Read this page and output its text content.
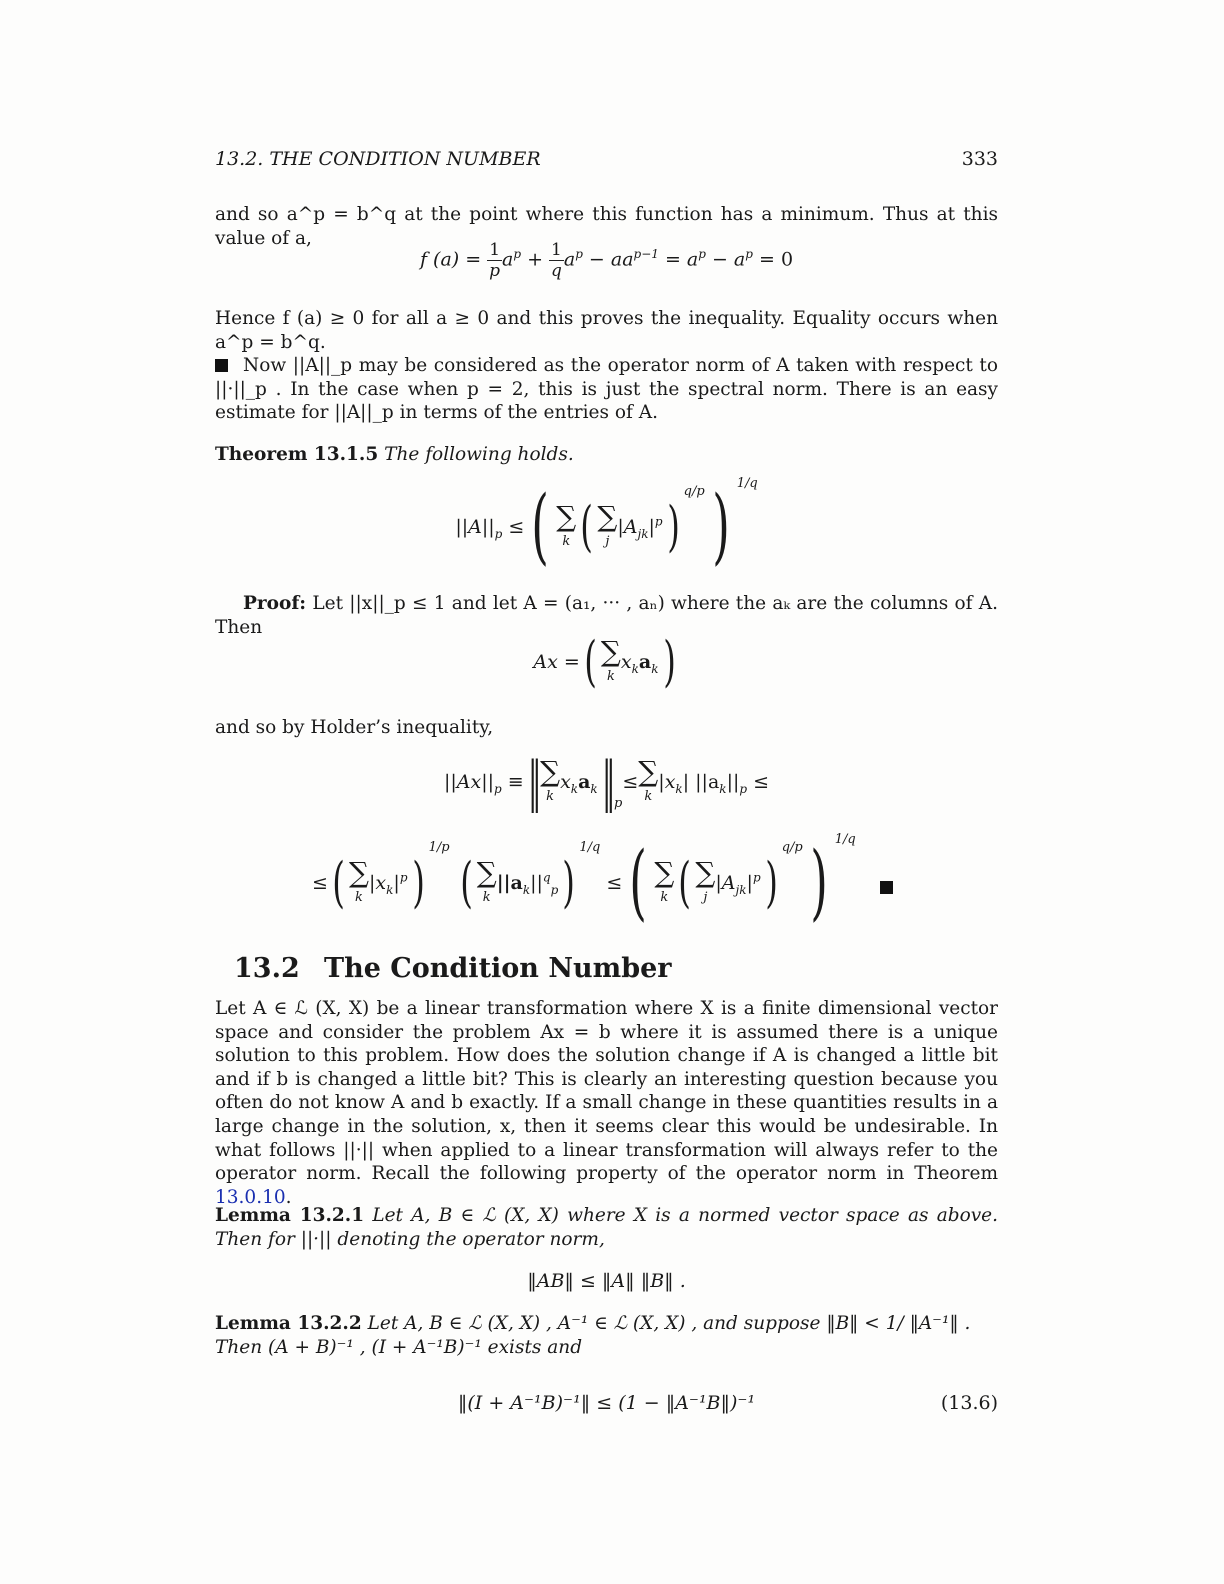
13.2. THE CONDITION NUMBER	333
and so a^p = b^q at the point where this function has a minimum. Thus at this value of a,
f $(a) = \frac{1}{p} a^p + \frac{1}{q} a^p - aa^{p-1} = a^p - a^p = 0$
Hence f (a) ≥ 0 for all a ≥ 0 and this proves the inequality. Equality occurs when a^p = b^q.

Now ||A||_p may be considered as the operator norm of A taken with respect to ||·||_p . In the case when p = 2, this is just the spectral norm. There is an easy estimate for ||A||_p in terms of the entries of A.
Theorem 13.1.5 The following holds.
$||A||_p$ ≤( ∑
k ( ∑
j
$|A_{jk}|^p)q/p$) 1/q
Proof: Let ||x||_p ≤ 1 and let A = (a₁, ··· , aₙ) where the aₖ are the columns of A. Then
Ax =( ∑
k
$x_ka_k$)
and so by Holder’s inequality,
$||Ax||_p$ ≡|| ∑
k
$x_ka_k||$ p≤ ∑
k
$|x_k|$ $||a_k||_p$ ≤
≤( ∑
k
$|x_k|^p)1/p$ ( ∑
k
$||a_k||^q_p)1/q$ ≤( ∑
k ( ∑
j
$|A_{jk}|^p)q/p$) 1/q
13.2 The Condition Number
Let A ∈ ℒ (X, X) be a linear transformation where X is a finite dimensional vector space and consider the problem Ax = b where it is assumed there is a unique solution to this problem. How does the solution change if A is changed a little bit and if b is changed a little bit? This is clearly an interesting question because you often do not know A and b exactly. If a small change in these quantities results in a large change in the solution, x, then it seems clear this would be undesirable. In what follows ||·|| when applied to a linear transformation will always refer to the operator norm. Recall the following property of the operator norm in Theorem 13.0.10.
Lemma 13.2.1 Let A, B ∈ ℒ (X, X) where X is a normed vector space as above. Then for ||·|| denoting the operator norm,
‖AB‖ ≤ ‖A‖ ‖B‖ .
Lemma 13.2.2 Let A, B ∈ ℒ (X, X) , A⁻¹ ∈ ℒ (X, X) , and suppose ‖B‖ < 1/ ‖A⁻¹‖ .
Then (A + B)⁻¹ , (I + A⁻¹B)⁻¹ exists and
‖(I + A⁻¹B)⁻¹‖ ≤ (1 − ‖A⁻¹B‖)⁻¹	(13.6)
